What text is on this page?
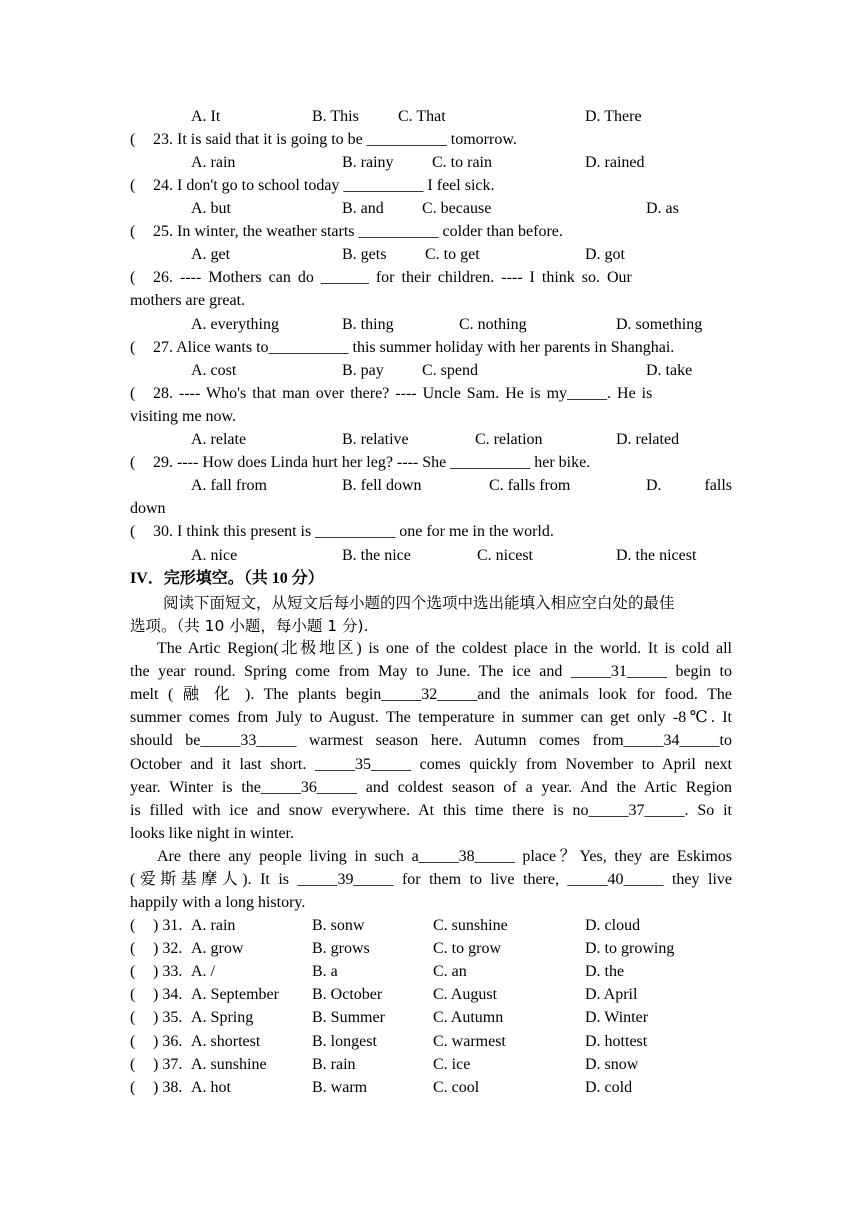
A. It	B. This C. That	D. There
( 23. It is said that it is going to be __________ tomorrow.
A. rain	B. rainy C. to rain	D. rained
( 24. I don't go to school today __________ I feel sick.
A. but	B. and C. because	D. as
( 25. In winter, the weather starts __________ colder than before.
A. get	B. gets C. to get	D. got
( 26. ---- Mothers can do ______ for their children. ---- I think so. Our
mothers are great.
A. everything	B. thing	C. nothing	D. something
( 27. Alice wants to__________ this summer holiday with her parents in Shanghai.
A. cost	B. pay C. spend	D. take
( 28. ---- Who's that man over there? ---- Uncle Sam. He is my_____. He is
visiting me now.
A. relate	B. relative	C. relation	D. related
( 29. ---- How does Linda hurt her leg? ---- She __________ her bike.
A. fall from	B. fell down	C. falls from	D. falls
down
( 30. I think this present is __________ one for me in the world.
A. nice	B. the nice	C. nicest	D. the nicest
IV．完形填空。（共 10 分）
阅读下面短文，从短文后每小题的四个选项中选出能填入相应空白处的最佳
选项。（共 10 小题，每小题 1 分).
The Artic Region(北极地区) is one of the coldest place in the world. It is cold all
the year round. Spring come from May to June. The ice and _____31_____ begin to
melt ( 融 化 ). The plants begin_____32_____and the animals look for food. The
summer comes from July to August. The temperature in summer can get only -8℃. It
should be_____33_____ warmest season here. Autumn comes from_____34_____to
October and it last short. _____35_____ comes quickly from November to April next
year. Winter is the_____36_____ and coldest season of a year. And the Artic Region
is filled with ice and snow everywhere. At this time there is no_____37_____. So it
looks like night in winter.
Are there any people living in such a_____38_____ place？Yes, they are Eskimos
(爱斯基摩人). It is _____39_____ for them to live there, _____40_____ they live
happily with a long history.
( ) 31. A. rain	B. sonw	C. sunshine	D. cloud
( ) 32. A. grow	B. grows	C. to grow	D. to growing
( ) 33. A. /	B. a	C. an	D. the
( ) 34. A. September B. October	C. August	D. April
( ) 35. A. Spring	B. Summer	C. Autumn	D. Winter
( ) 36. A. shortest	B. longest	C. warmest	D. hottest
( ) 37. A. sunshine	B. rain	C. ice	D. snow
( ) 38. A. hot	B. warm	C. cool	D. cold
